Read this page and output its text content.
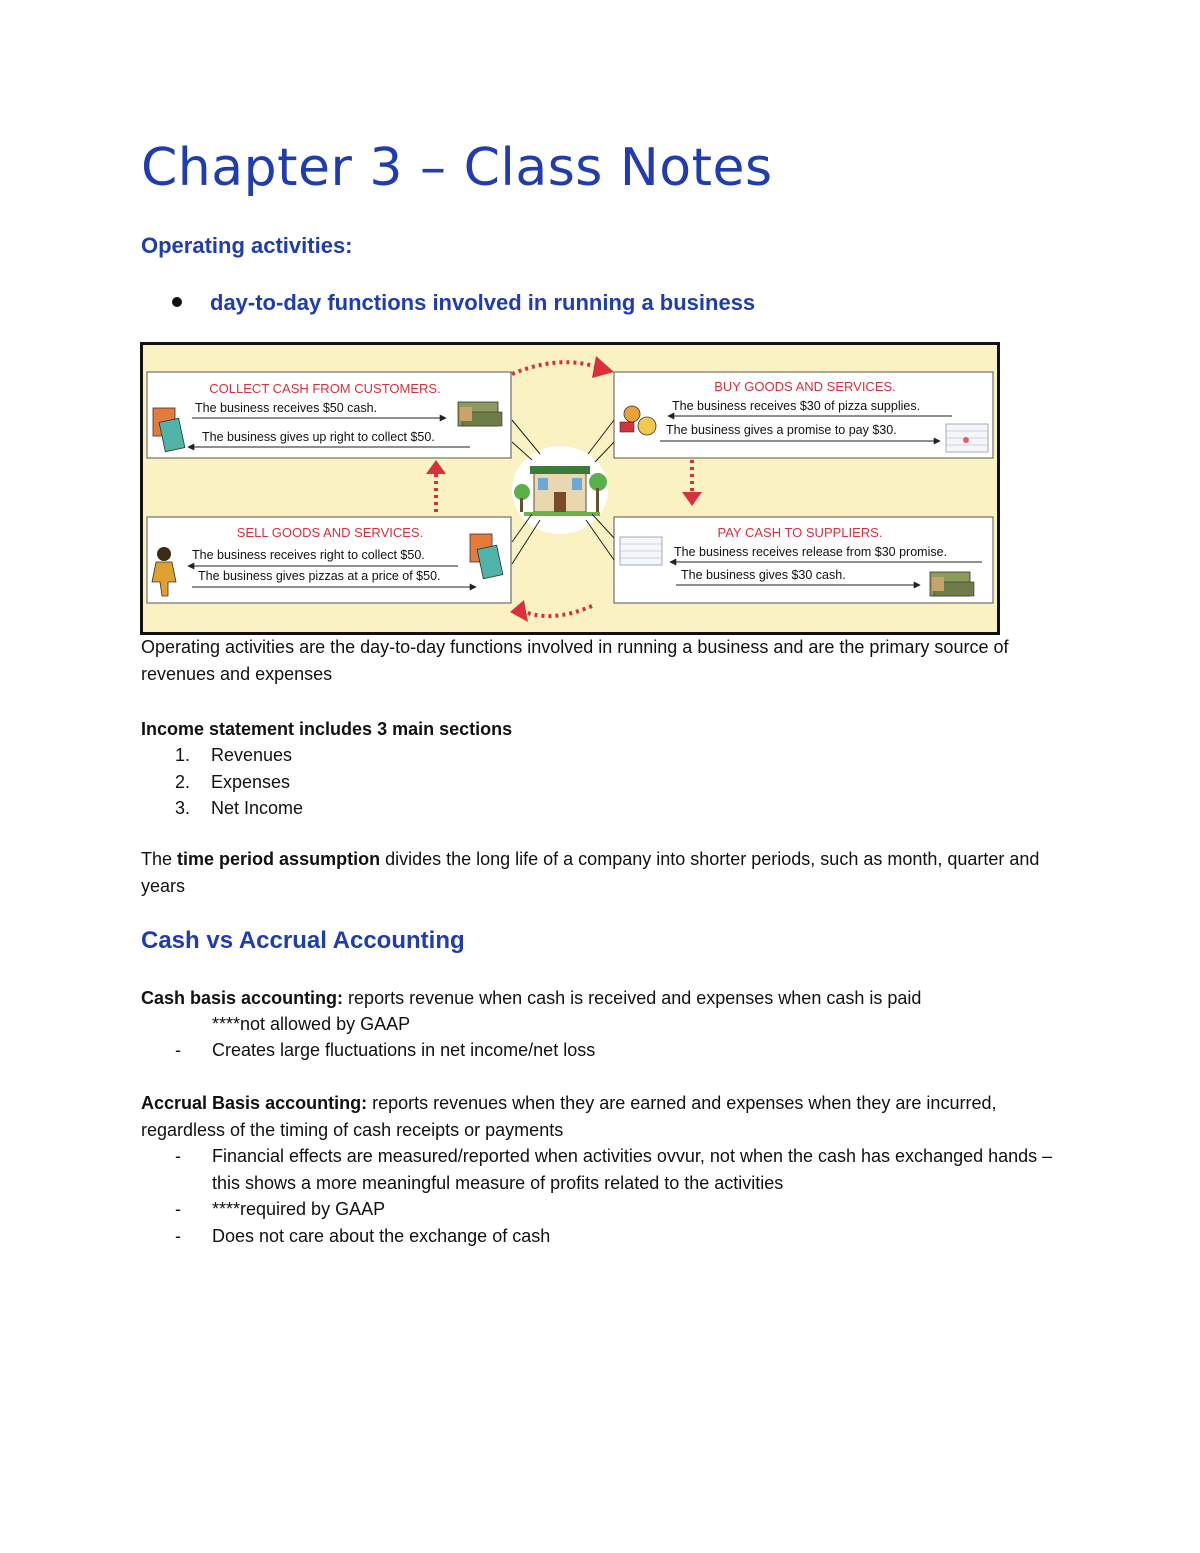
Chapter 3 – Class Notes
Operating activities:
day-to-day functions involved in running a business
COLLECT CASH FROM CUSTOMERS.
The business receives $50 cash.
The business gives up right to collect $50.
BUY GOODS AND SERVICES.
The business receives $30 of pizza supplies.
The business gives a promise to pay $30.
SELL GOODS AND SERVICES.
The business receives right to collect $50.
The business gives pizzas at a price of $50.
PAY CASH TO SUPPLIERS.
The business receives release from $30 promise.
The business gives $30 cash.
Operating activities are the day-to-day functions involved in running a business and are the primary source of revenues and expenses
Income statement includes 3 main sections
1. Revenues
2. Expenses
3. Net Income
The time period assumption divides the long life of a company into shorter periods, such as month, quarter and years
Cash vs Accrual Accounting
Cash basis accounting: reports revenue when cash is received and expenses when cash is paid
****not allowed by GAAP
- Creates large fluctuations in net income/net loss
Accrual Basis accounting: reports revenues when they are earned and expenses when they are incurred, regardless of the timing of cash receipts or payments
- Financial effects are measured/reported when activities ovvur, not when the cash has exchanged hands – this shows a more meaningful measure of profits related to the activities
- ****required by GAAP
- Does not care about the exchange of cash
